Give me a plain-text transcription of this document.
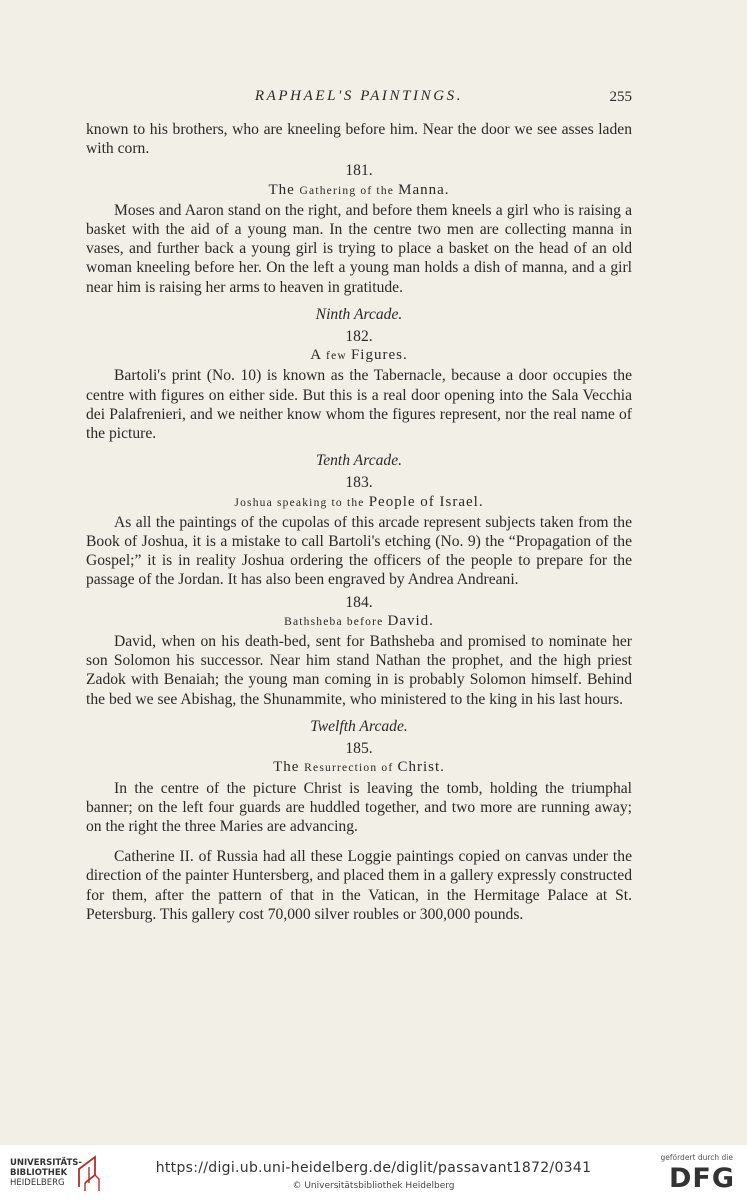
RAPHAEL'S PAINTINGS.	255

known to his brothers, who are kneeling before him. Near the door we see asses laden with corn.

181.
The Gathering of the Manna.

Moses and Aaron stand on the right, and before them kneels a girl who is raising a basket with the aid of a young man. In the centre two men are collecting manna in vases, and further back a young girl is trying to place a basket on the head of an old woman kneeling before her. On the left a young man holds a dish of manna, and a girl near him is raising her arms to heaven in gratitude.

Ninth Arcade.
182.
A few Figures.

Bartoli's print (No. 10) is known as the Tabernacle, because a door occupies the centre with figures on either side. But this is a real door opening into the Sala Vecchia dei Palafrenieri, and we neither know whom the figures represent, nor the real name of the picture.

Tenth Arcade.
183.
Joshua speaking to the People of Israel.

As all the paintings of the cupolas of this arcade represent subjects taken from the Book of Joshua, it is a mistake to call Bartoli's etching (No. 9) the “Propagation of the Gospel;” it is in reality Joshua ordering the officers of the people to prepare for the passage of the Jordan. It has also been engraved by Andrea Andreani.

184.
Bathsheba before David.

David, when on his death-bed, sent for Bathsheba and promised to nominate her son Solomon his successor. Near him stand Nathan the prophet, and the high priest Zadok with Benaiah; the young man coming in is probably Solomon himself. Behind the bed we see Abishag, the Shunammite, who ministered to the king in his last hours.

Twelfth Arcade.
185.
The Resurrection of Christ.

In the centre of the picture Christ is leaving the tomb, holding the triumphal banner; on the left four guards are huddled together, and two more are running away; on the right the three Maries are advancing.

Catherine II. of Russia had all these Loggie paintings copied on canvas under the direction of the painter Huntersberg, and placed them in a gallery expressly constructed for them, after the pattern of that in the Vatican, in the Hermitage Palace at St. Petersburg. This gallery cost 70,000 silver roubles or 300,000 pounds.

UNIVERSITÄTS-
BIBLIOTHEK
HEIDELBERG
https://digi.ub.uni-heidelberg.de/diglit/passavant1872/0341
© Universitätsbibliothek Heidelberg
gefördert durch die
DFG
